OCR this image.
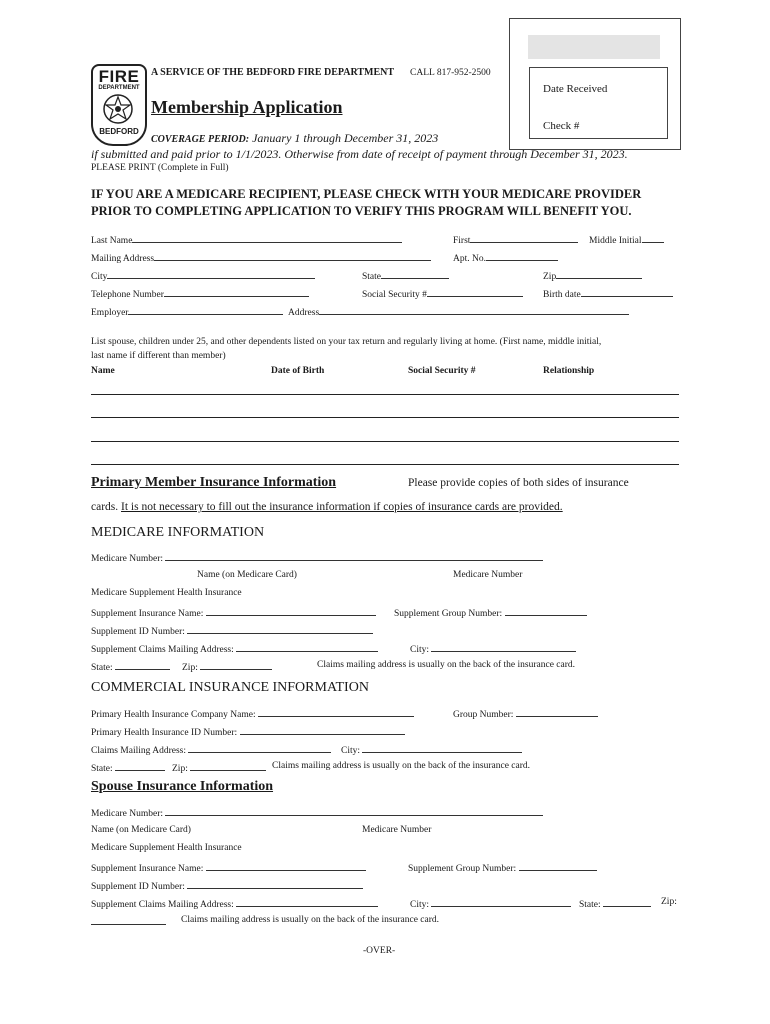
Date Received
Check #
FIRE
DEPARTMENT
BEDFORD
A SERVICE OF THE BEDFORD FIRE DEPARTMENT CALL 817-952-2500
Membership Application
COVERAGE PERIOD: January 1 through December 31, 2023
if submitted and paid prior to 1/1/2023. Otherwise from date of receipt of payment through December 31, 2023.
PLEASE PRINT (Complete in Full)
IF YOU ARE A MEDICARE RECIPIENT, PLEASE CHECK WITH YOUR MEDICARE PROVIDER
PRIOR TO COMPLETING APPLICATION TO VERIFY THIS PROGRAM WILL BENEFIT YOU.
Last Name	First	Middle Initial
Mailing Address	Apt. No.
City	State	Zip
Telephone Number	Social Security #	Birth date
Employer	Address
List spouse, children under 25, and other dependents listed on your tax return and regularly living at home. (First name, middle initial,
last name if different than member)
Name	Date of Birth	Social Security #	Relationship
Primary Member Insurance Information	Please provide copies of both sides of insurance
cards. It is not necessary to fill out the insurance information if copies of insurance cards are provided.
MEDICARE INFORMATION
Medicare Number:
Name (on Medicare Card)	Medicare Number
Medicare Supplement Health Insurance
Supplement Insurance Name:	Supplement Group Number:
Supplement ID Number:
Supplement Claims Mailing Address:	City:
State:	Zip:	Claims mailing address is usually on the back of the insurance card.
COMMERCIAL INSURANCE INFORMATION
Primary Health Insurance Company Name:	Group Number:
Primary Health Insurance ID Number:
Claims Mailing Address:	City:
State:	Zip:	Claims mailing address is usually on the back of the insurance card.
Spouse Insurance Information
Medicare Number:
Name (on Medicare Card)	Medicare Number
Medicare Supplement Health Insurance
Supplement Insurance Name:	Supplement Group Number:
Supplement ID Number:
Supplement Claims Mailing Address:	City:	State:	Zip:
Claims mailing address is usually on the back of the insurance card.
-OVER-
